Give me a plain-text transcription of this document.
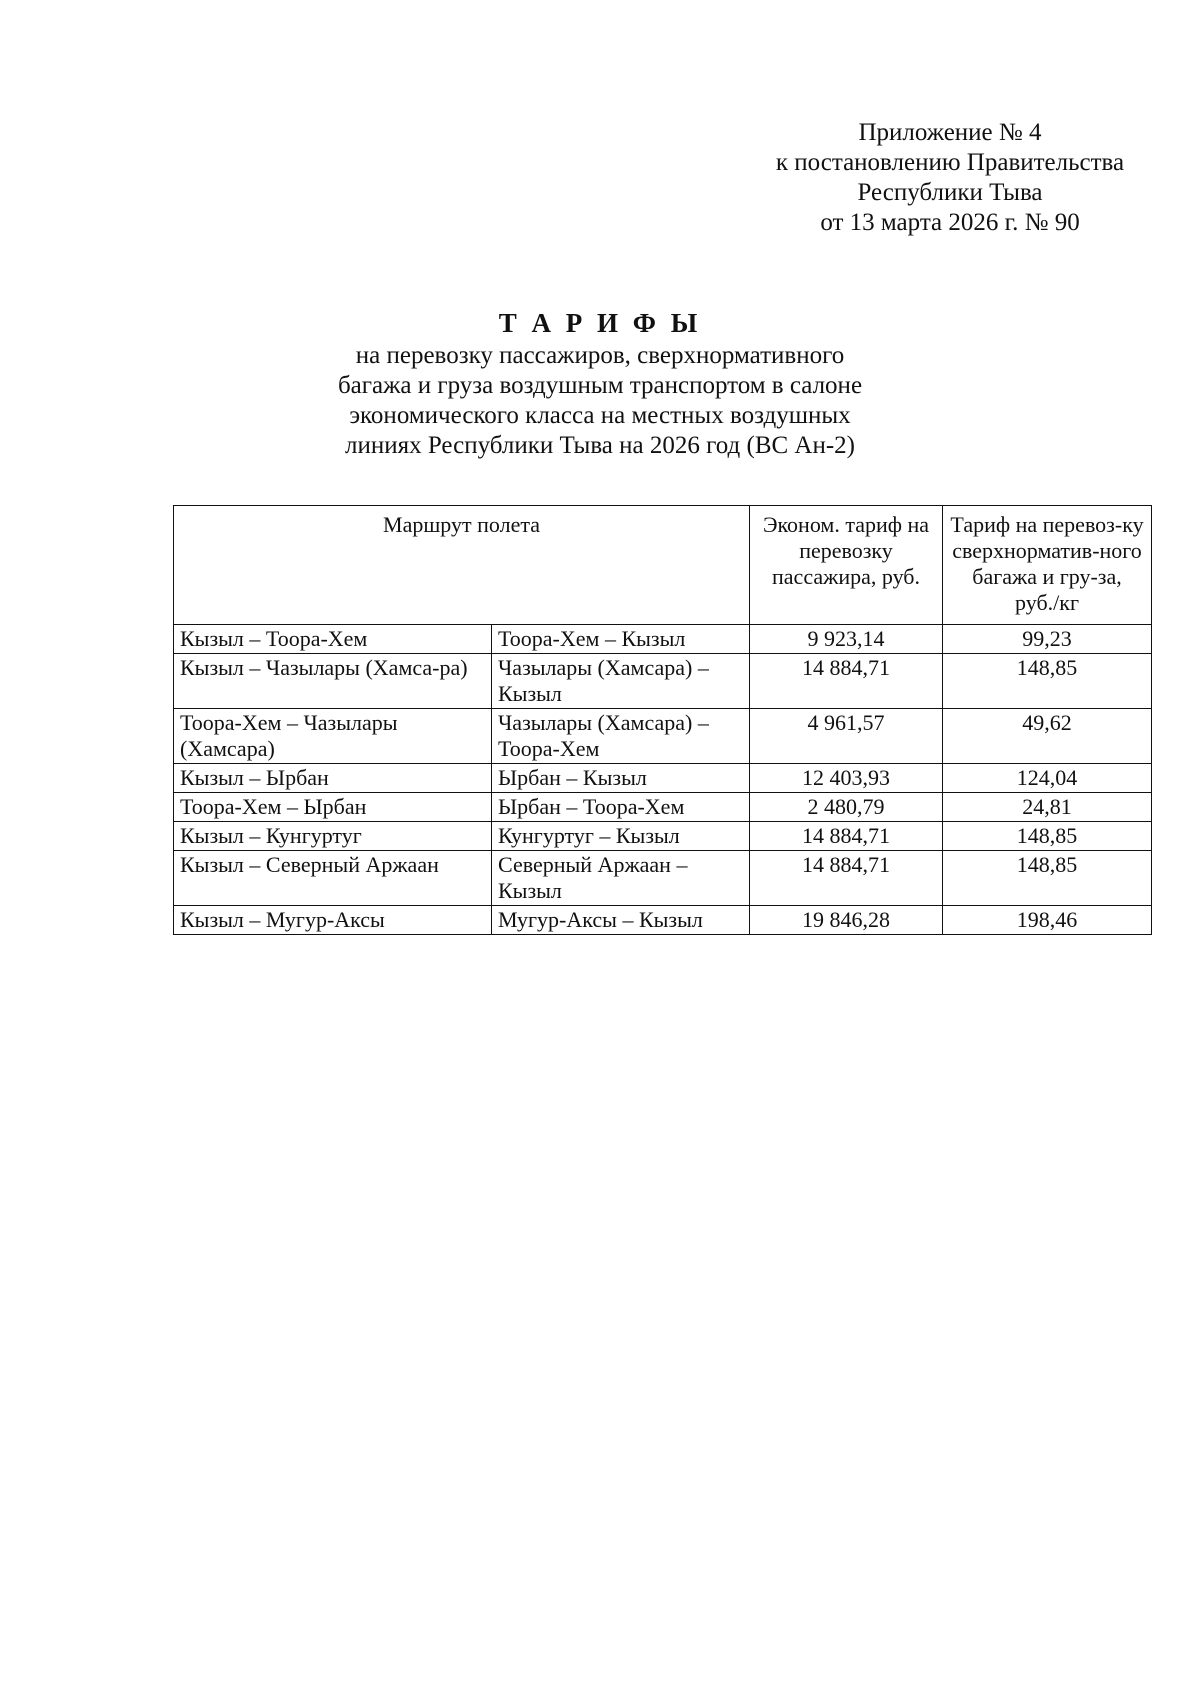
Приложение № 4
к постановлению Правительства
Республики Тыва
от 13 марта 2026 г. № 90
Т А Р И Ф Ы
на перевозку пассажиров, сверхнормативного
багажа и груза воздушным транспортом в салоне
экономического класса на местных воздушных
линиях Республики Тыва на 2026 год (ВС Ан-2)
Маршрут полета		Эконом. тариф на перевозку пассажира, руб.	Тариф на перевоз-ку сверхнорматив-ного багажа и гру-за, руб./кг
Кызыл – Тоора-Хем	Тоора-Хем – Кызыл	9 923,14	99,23
Кызыл – Чазылары (Хамса-ра)	Чазылары (Хамсара) – Кызыл	14 884,71	148,85
Тоора-Хем – Чазылары (Хамсара)	Чазылары (Хамсара) – Тоора-Хем	4 961,57	49,62
Кызыл – Ырбан	Ырбан – Кызыл	12 403,93	124,04
Тоора-Хем – Ырбан	Ырбан – Тоора-Хем	2 480,79	24,81
Кызыл – Кунгуртуг	Кунгуртуг – Кызыл	14 884,71	148,85
Кызыл – Северный Аржаан	Северный Аржаан – Кызыл	14 884,71	148,85
Кызыл – Мугур-Аксы	Мугур-Аксы – Кызыл	19 846,28	198,46
